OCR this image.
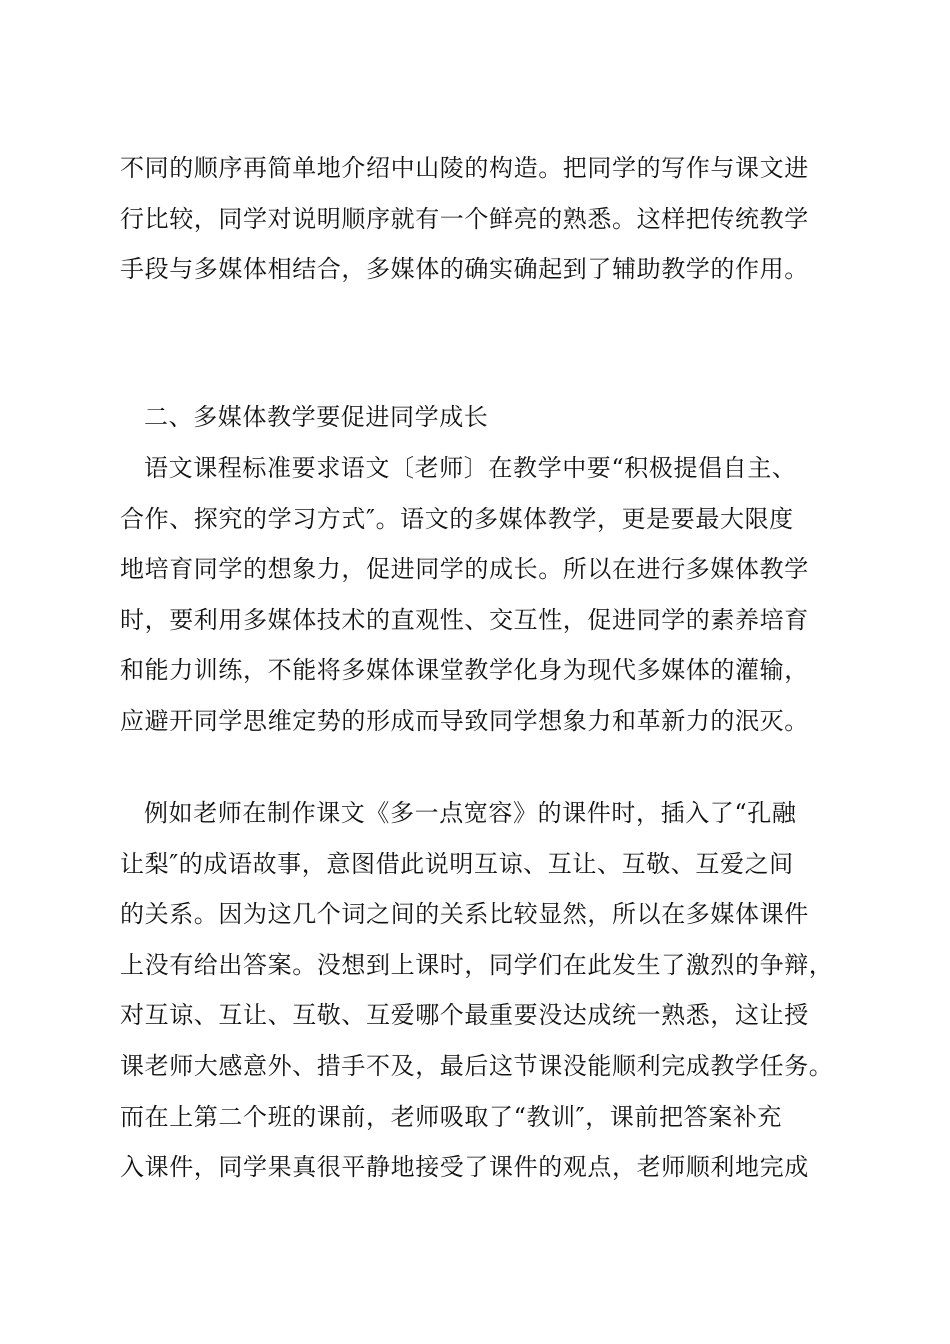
不同的顺序再简单地介绍中山陵的构造。把同学的写作与课文进
行比较，同学对说明顺序就有一个鲜亮的熟悉。这样把传统教学
手段与多媒体相结合，多媒体的确实确起到了辅助教学的作用。
二、多媒体教学要促进同学成长
语文课程标准要求语文〔老师〕在教学中要“积极提倡自主、
合作、探究的学习方式″。语文的多媒体教学，更是要最大限度
地培育同学的想象力，促进同学的成长。所以在进行多媒体教学
时，要利用多媒体技术的直观性、交互性，促进同学的素养培育
和能力训练，不能将多媒体课堂教学化身为现代多媒体的灌输，
应避开同学思维定势的形成而导致同学想象力和革新力的泯灭。
例如老师在制作课文《多一点宽容》的课件时，插入了“孔融
让梨″的成语故事，意图借此说明互谅、互让、互敬、互爱之间
的关系。因为这几个词之间的关系比较显然，所以在多媒体课件
上没有给出答案。没想到上课时，同学们在此发生了激烈的争辩，
对互谅、互让、互敬、互爱哪个最重要没达成统一熟悉，这让授
课老师大感意外、措手不及，最后这节课没能顺利完成教学任务。
而在上第二个班的课前，老师吸取了“教训″，课前把答案补充
入课件，同学果真很平静地接受了课件的观点，老师顺利地完成
